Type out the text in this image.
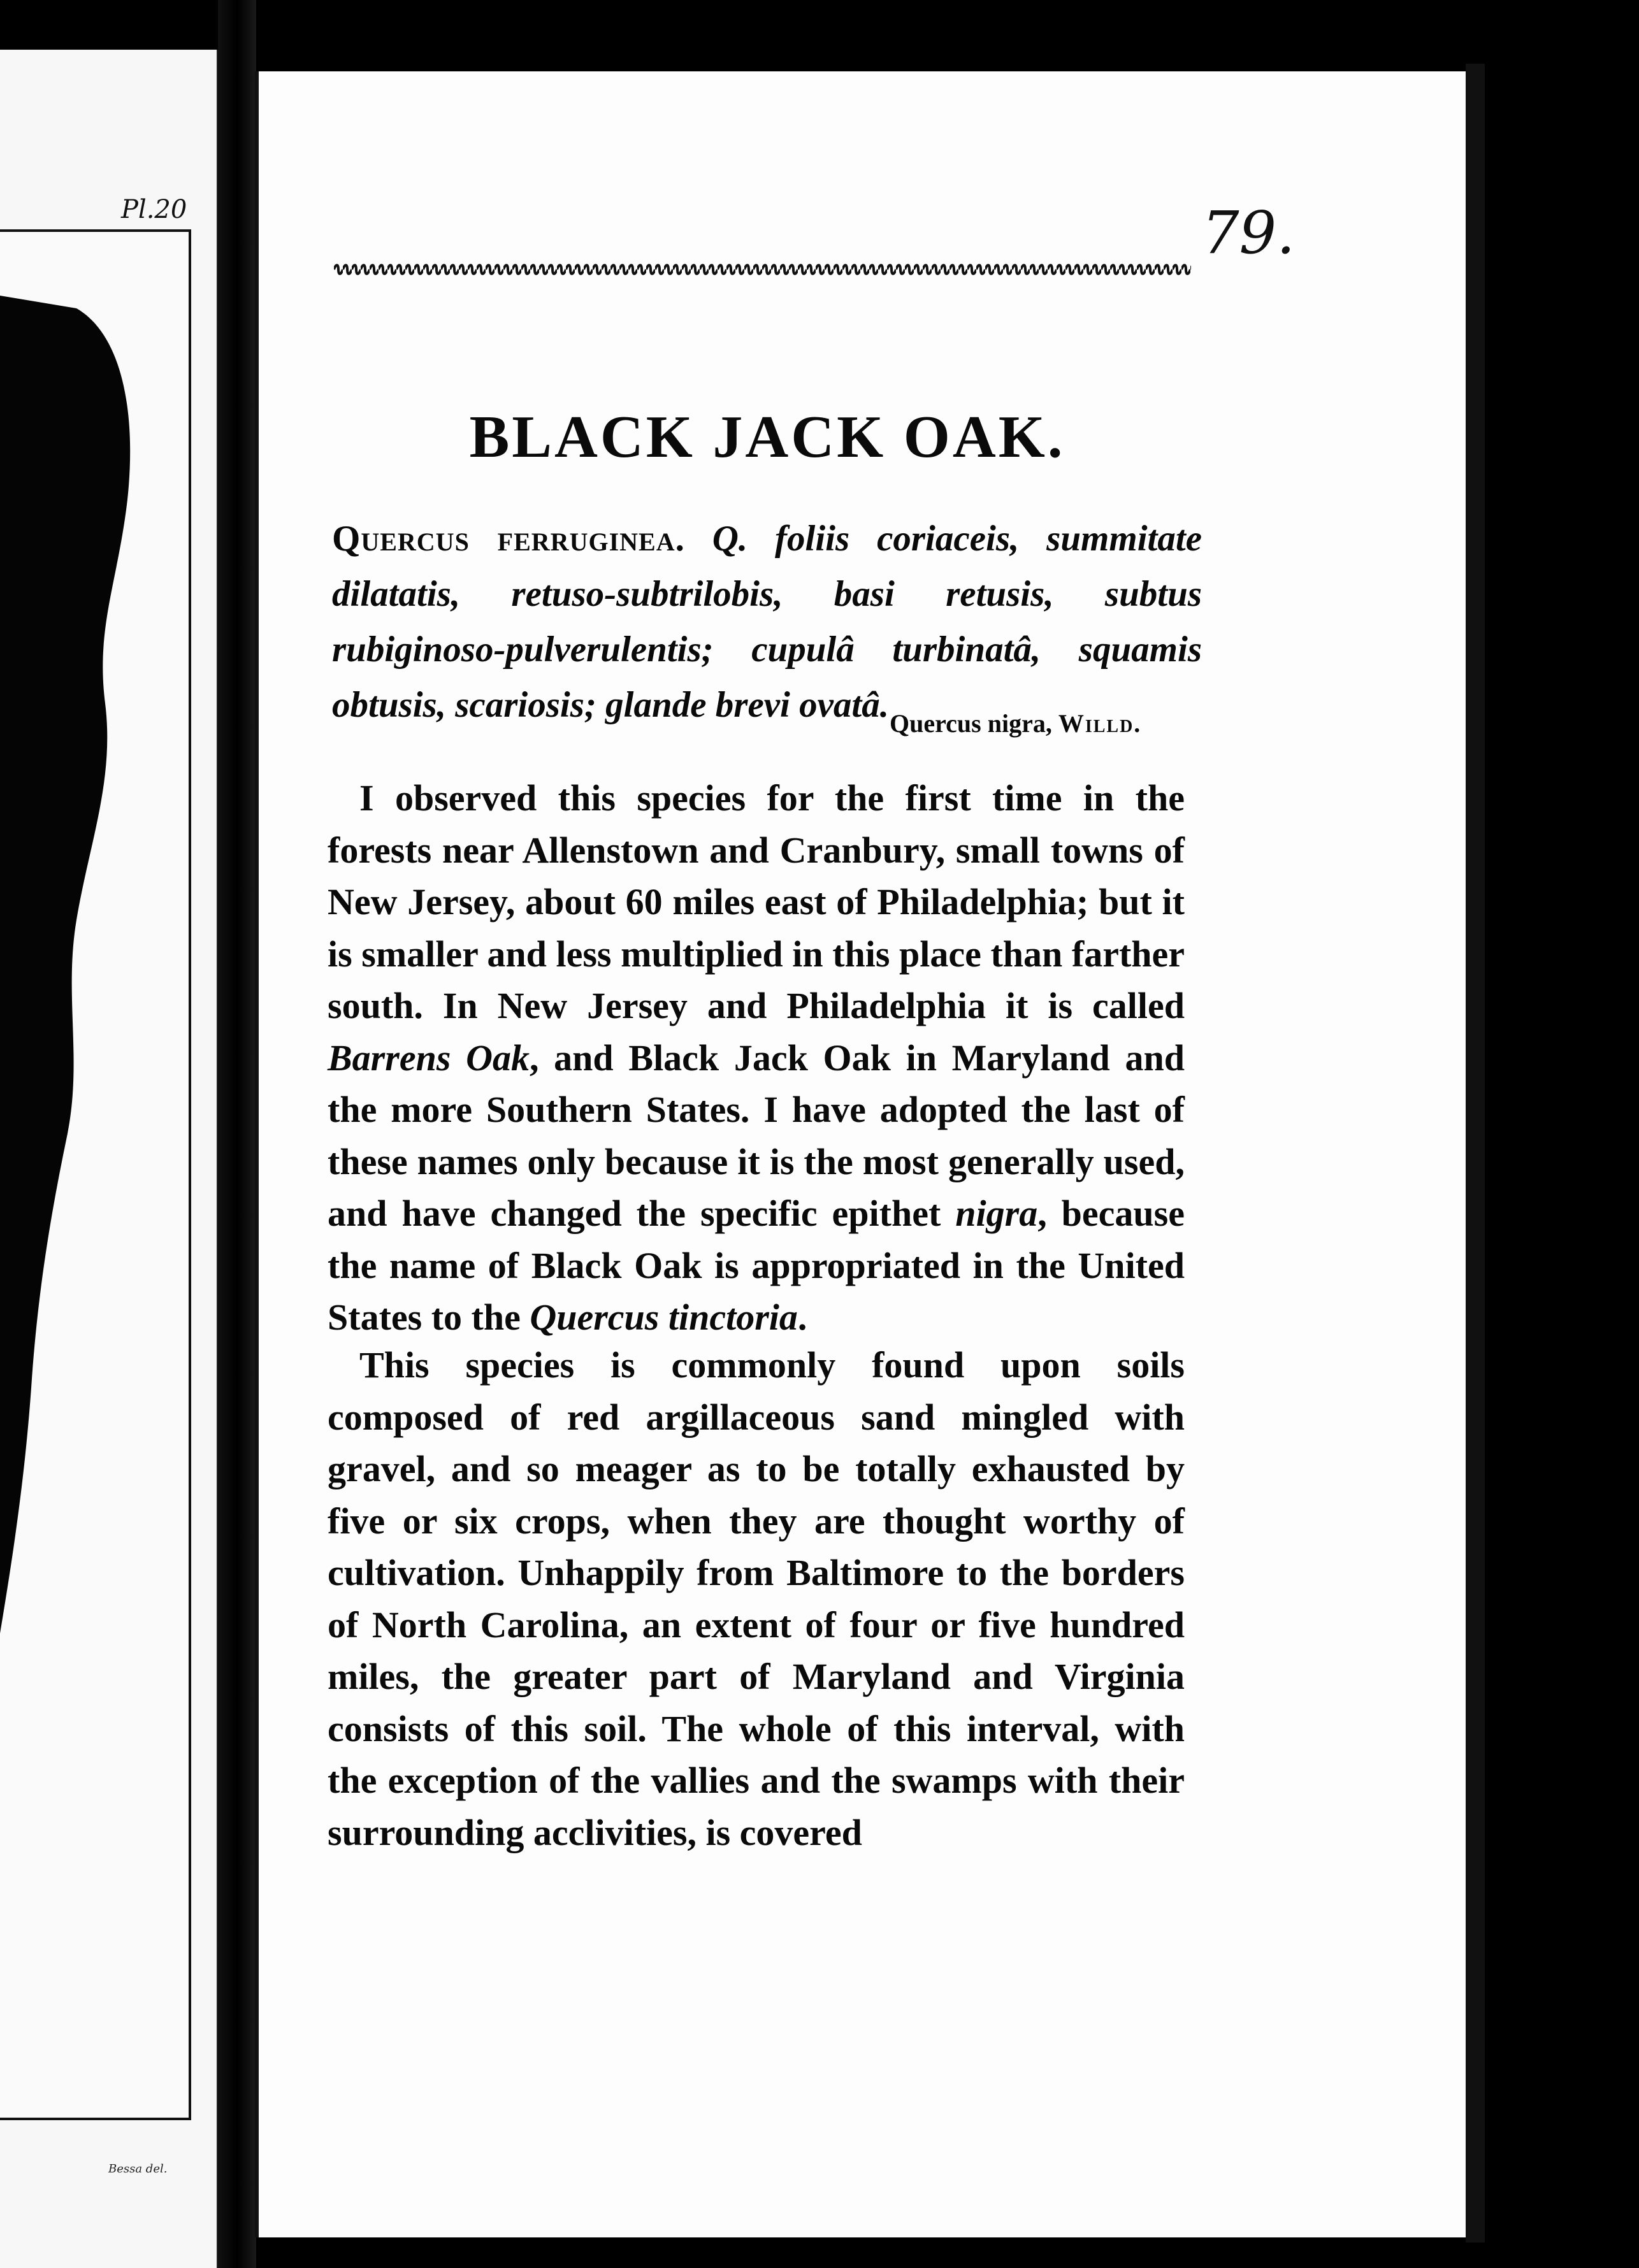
Pl.20
Bessa del.
79.
BLACK JACK OAK.
Quercus ferruginea. Q. foliis coriaceis, summitate dilatatis, retuso-subtrilobis, basi retusis, subtus rubiginoso-pulverulentis; cupulâ turbinatâ, squamis obtusis, scariosis; glande brevi ovatâ. Quercus nigra, Willd.

I observed this species for the first time in the forests near Allenstown and Cranbury, small towns of New Jersey, about 60 miles east of Philadelphia; but it is smaller and less multiplied in this place than farther south. In New Jersey and Philadelphia it is called Barrens Oak, and Black Jack Oak in Maryland and the more Southern States. I have adopted the last of these names only because it is the most generally used, and have changed the specific epithet nigra, because the name of Black Oak is appropriated in the United States to the Quercus tinctoria.

This species is commonly found upon soils composed of red argillaceous sand mingled with gravel, and so meager as to be totally exhausted by five or six crops, when they are thought worthy of cultivation. Unhappily from Baltimore to the borders of North Carolina, an extent of four or five hundred miles, the greater part of Maryland and Virginia consists of this soil. The whole of this interval, with the exception of the vallies and the swamps with their surrounding acclivities, is covered
